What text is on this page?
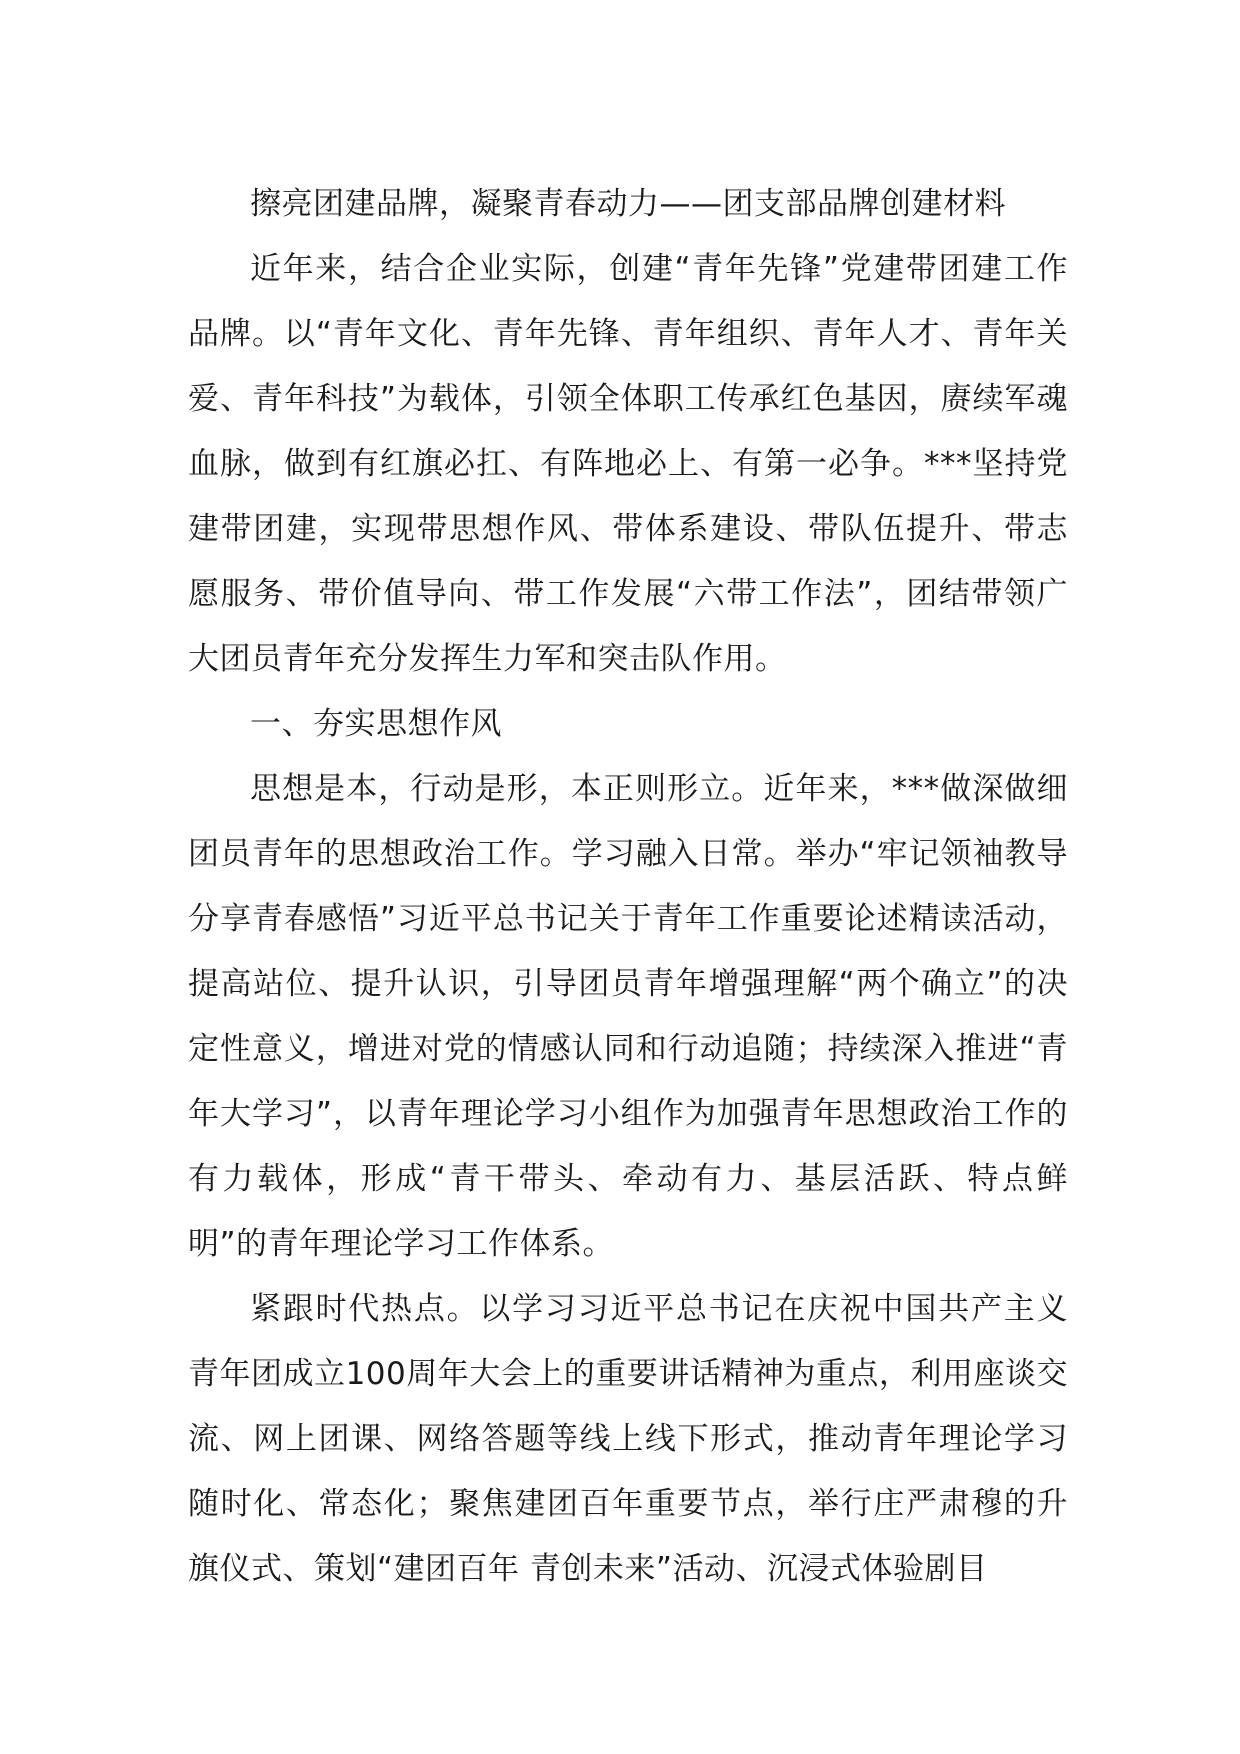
擦亮团建品牌，凝聚青春动力——团支部品牌创建材料

近年来，结合企业实际，创建“青年先锋”党建带团建工作品牌。以“青年文化、青年先锋、青年组织、青年人才、青年关爱、青年科技”为载体，引领全体职工传承红色基因，赓续军魂血脉，做到有红旗必扛、有阵地必上、有第一必争。***坚持党建带团建，实现带思想作风、带体系建设、带队伍提升、带志愿服务、带价值导向、带工作发展“六带工作法”，团结带领广大团员青年充分发挥生力军和突击队作用。

一、夯实思想作风

思想是本，行动是形，本正则形立。近年来，***做深做细团员青年的思想政治工作。学习融入日常。举办“牢记领袖教导 分享青春感悟”习近平总书记关于青年工作重要论述精读活动，提高站位、提升认识，引导团员青年增强理解“两个确立”的决定性意义，增进对党的情感认同和行动追随；持续深入推进“青年大学习”，以青年理论学习小组作为加强青年思想政治工作的有力载体，形成“青干带头、牵动有力、基层活跃、特点鲜明”的青年理论学习工作体系。

紧跟时代热点。以学习习近平总书记在庆祝中国共产主义青年团成立100周年大会上的重要讲话精神为重点，利用座谈交流、网上团课、网络答题等线上线下形式，推动青年理论学习随时化、常态化；聚焦建团百年重要节点，举行庄严肃穆的升旗仪式、策划“建团百年 青创未来”活动、沉浸式体验剧目
